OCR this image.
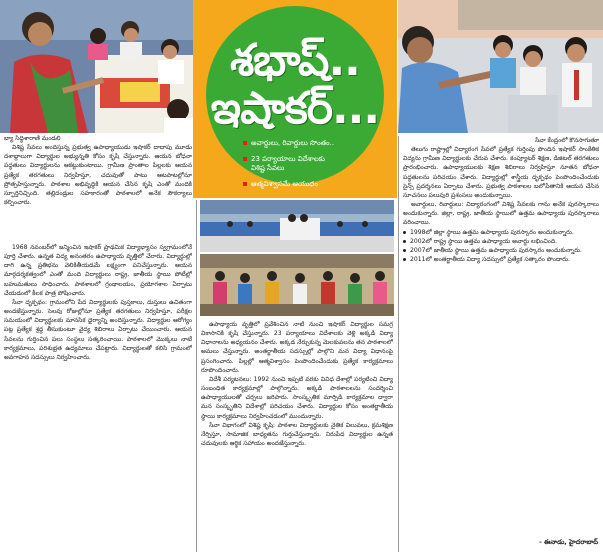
శభాష్..
ఇషాకర్...
అవార్డులు, రివార్డులు సొంతం..
23 పర్యాయాలు విదేశాలకు
విశిష్ట సేవలు
ఆత్మవిశ్వాసమే ఆయుధం

బ్యా సిద్ధిశారాణి మండలి

విశిష్ట సేవలు అందిస్తున్న ప్రభుత్వ ఉపాధ్యాయుడు ఇషాకర్ దాదాపు మూడు దశాబ్దాలుగా విద్యార్థుల అభ్యున్నతి కోసం కృషి చేస్తున్నారు. ఆయన బోధనా పద్ధతులు విద్యార్థులను ఆకట్టుకుంటాయి. గ్రామీణ ప్రాంతాల పిల్లలకు ఆయన ప్రత్యేక తరగతులు నిర్వహిస్తూ, చదువుతో పాటు ఆటపాటల్లోనూ ప్రోత్సహిస్తున్నారు. పాఠశాల అభివృద్ధికి ఆయన చేసిన కృషి ఎంతో మందికి స్ఫూర్తినిచ్చింది. తల్లిదండ్రుల సహకారంతో పాఠశాలలో అనేక సౌకర్యాలు కల్పించారు.

1968 నవంబర్‌లో జన్మించిన ఇషాకర్ ప్రాథమిక విద్యాభ్యాసం స్వగ్రామంలోనే పూర్తి చేశారు. ఉన్నత విద్య అనంతరం ఉపాధ్యాయ వృత్తిలో చేరారు. విద్యార్థుల్లో దాగి ఉన్న ప్రతిభను వెలికితీయడమే లక్ష్యంగా పనిచేస్తున్నారు. ఆయన మార్గదర్శకత్వంలో ఎంతో మంది విద్యార్థులు రాష్ట్ర, జాతీయ స్థాయి పోటీల్లో బహుమతులు సాధించారు. పాఠశాలలో గ్రంథాలయం, ప్రయోగశాల ఏర్పాటు చేయడంలో కీలక పాత్ర పోషించారు.

సేవా దృక్పథం: గ్రామంలోని పేద విద్యార్థులకు పుస్తకాలు, దుస్తులు ఉచితంగా అందజేస్తున్నారు. సెలవు రోజుల్లోనూ ప్రత్యేక తరగతులు నిర్వహిస్తూ, పరీక్షల సమయంలో విద్యార్థులకు మానసిక ధైర్యాన్ని అందిస్తున్నారు. విద్యార్థుల ఆరోగ్యం పట్ల ప్రత్యేక శ్రద్ధ తీసుకుంటూ వైద్య శిబిరాలు ఏర్పాటు చేయించారు. ఆయన సేవలను గుర్తించిన పలు సంస్థలు సత్కరించాయి. పాఠశాలలో మొక్కలు నాటే కార్యక్రమాలు, పరిశుభ్రత ఉద్యమాలు చేపట్టారు. విద్యార్థులతో కలిసి గ్రామంలో అవగాహన సదస్సులు నిర్వహించారు.

ఉపాధ్యాయ వృత్తిలో ప్రవేశించిన నాటి నుంచి ఇషాకర్ విద్యార్థుల సమగ్ర వికాసానికి కృషి చేస్తున్నారు. 23 పర్యాయాలు విదేశాలకు వెళ్లి అక్కడి విద్యా విధానాలను అధ్యయనం చేశారు. అక్కడ నేర్చుకున్న మెలకువలను తన పాఠశాలలో అమలు చేస్తున్నారు. అంతర్జాతీయ సదస్సుల్లో పాల్గొని మన విద్యా విధానంపై ప్రసంగించారు. పిల్లల్లో ఆత్మవిశ్వాసం పెంపొందించేందుకు ప్రత్యేక కార్యక్రమాలు రూపొందించారు.

విదేశీ పర్యటనలు: 1992 నుంచి ఇప్పటి వరకు వివిధ దేశాల్లో పర్యటించి విద్యా సంబంధిత కార్యక్రమాల్లో పాల్గొన్నారు. అక్కడి పాఠశాలలను సందర్శించి ఉపాధ్యాయులతో చర్చలు జరిపారు. సాంస్కృతిక మార్పిడి కార్యక్రమాల ద్వారా మన సంస్కృతిని విదేశాల్లో పరిచయం చేశారు. విద్యార్థుల కోసం అంతర్జాతీయ స్థాయి కార్యక్రమాలు నిర్వహించడంలో ముందున్నారు.

సేవా విభాగంలో విశిష్ట కృషి: పాఠశాల విద్యార్థులకు నైతిక విలువలు, క్రమశిక్షణ నేర్పిస్తూ, సామాజిక బాధ్యతను గుర్తుచేస్తున్నారు. నిరుపేద విద్యార్థుల ఉన్నత చదువులకు ఆర్థిక సహాయం అందజేస్తున్నారు.

సేవా కేంద్రంలో కొనసాగుతూ

తెలుగు రాష్ట్రాల్లో విద్యారంగ సేవలో ప్రత్యేక గుర్తింపు పొందిన ఇషాకర్ సాంకేతిక విద్యను గ్రామీణ విద్యార్థులకు చేరువ చేశారు. కంప్యూటర్ శిక్షణ, డిజిటల్ తరగతులు ప్రారంభించారు. ఉపాధ్యాయులకు శిక్షణ శిబిరాలు నిర్వహిస్తూ నూతన బోధనా పద్ధతులను పరిచయం చేశారు. విద్యార్థుల్లో శాస్త్రీయ దృక్పథం పెంపొందించేందుకు సైన్స్ ప్రదర్శనలు ఏర్పాటు చేశారు. ప్రభుత్వ పాఠశాలల బలోపేతానికి ఆయన చేసిన సూచనలు పలువురి ప్రశంసలు అందుకున్నాయి.

అవార్డులు, రివార్డులు: విద్యారంగంలో విశిష్ట సేవలకు గాను అనేక పురస్కారాలు అందుకున్నారు. జిల్లా, రాష్ట్ర, జాతీయ స్థాయిలో ఉత్తమ ఉపాధ్యాయ పురస్కారాలు వరించాయి.

1998లో జిల్లా స్థాయి ఉత్తమ ఉపాధ్యాయ పురస్కారం అందుకున్నారు.
2002లో రాష్ట్ర స్థాయి ఉత్తమ ఉపాధ్యాయ అవార్డు లభించింది.
2007లో జాతీయ స్థాయి ఉత్తమ ఉపాధ్యాయ పురస్కారం అందుకున్నారు.
2011లో అంతర్జాతీయ విద్యా సదస్సులో ప్రత్యేక సత్కారం పొందారు.
- ఈనాడు, హైదరాబాద్
